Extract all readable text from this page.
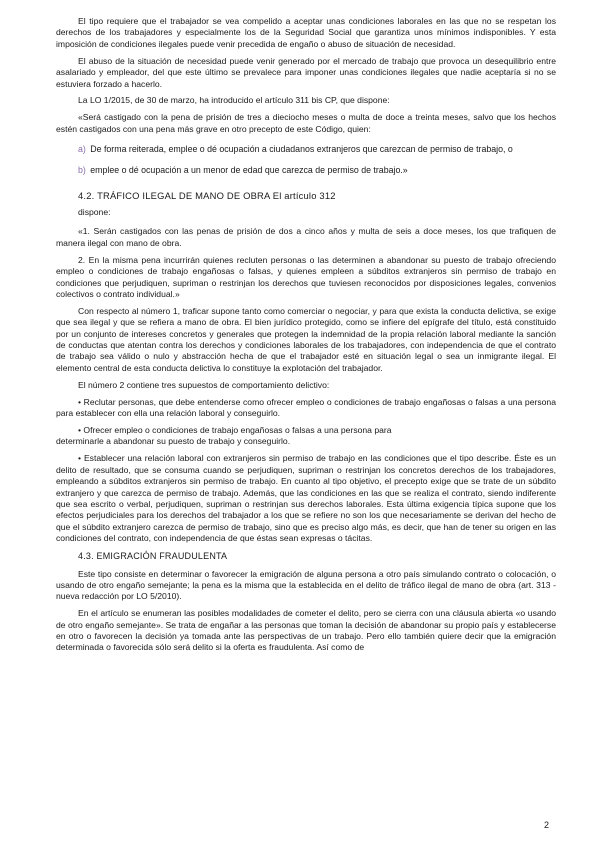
El tipo requiere que el trabajador se vea compelido a aceptar unas condiciones laborales en las que no se respetan los derechos de los trabajadores y especialmente los de la Seguridad Social que garantiza unos mínimos indisponibles. Y esta imposición de condiciones ilegales puede venir precedida de engaño o abuso de situación de necesidad.

El abuso de la situación de necesidad puede venir generado por el mercado de trabajo que provoca un desequilibrio entre asalariado y empleador, del que este último se prevalece para imponer unas condiciones ilegales que nadie aceptaría si no se estuviera forzado a hacerlo.

La LO 1/2015, de 30 de marzo, ha introducido el artículo 311 bis CP, que dispone:

«Será castigado con la pena de prisión de tres a dieciocho meses o multa de doce a treinta meses, salvo que los hechos estén castigados con una pena más grave en otro precepto de este Código, quien:

a) De forma reiterada, emplee o dé ocupación a ciudadanos extranjeros que carezcan de permiso de trabajo, o

b) emplee o dé ocupación a un menor de edad que carezca de permiso de trabajo.»

4.2. TRÁFICO ILEGAL DE MANO DE OBRA El artículo 312

dispone:

«1. Serán castigados con las penas de prisión de dos a cinco años y multa de seis a doce meses, los que trafiquen de manera ilegal con mano de obra.

2. En la misma pena incurrirán quienes recluten personas o las determinen a abandonar su puesto de trabajo ofreciendo empleo o condiciones de trabajo engañosas o falsas, y quienes empleen a súbditos extranjeros sin permiso de trabajo en condiciones que perjudiquen, supriman o restrinjan los derechos que tuviesen reconocidos por disposiciones legales, convenios colectivos o contrato individual.»

Con respecto al número 1, traficar supone tanto como comerciar o negociar, y para que exista la conducta delictiva, se exige que sea ilegal y que se refiera a mano de obra. El bien jurídico protegido, como se infiere del epígrafe del título, está constituido por un conjunto de intereses concretos y generales que protegen la indemnidad de la propia relación laboral mediante la sanción de conductas que atentan contra los derechos y condiciones laborales de los trabajadores, con independencia de que el contrato de trabajo sea válido o nulo y abstracción hecha de que el trabajador esté en situación legal o sea un inmigrante ilegal. El elemento central de esta conducta delictiva lo constituye la explotación del trabajador.

El número 2 contiene tres supuestos de comportamiento delictivo:

• Reclutar personas, que debe entenderse como ofrecer empleo o condiciones de trabajo engañosas o falsas a una persona para establecer con ella una relación laboral y conseguirlo.

• Ofrecer empleo o condiciones de trabajo engañosas o falsas a una persona para
determinarle a abandonar su puesto de trabajo y conseguirlo.

• Establecer una relación laboral con extranjeros sin permiso de trabajo en las condiciones que el tipo describe. Éste es un delito de resultado, que se consuma cuando se perjudiquen, supriman o restrinjan los concretos derechos de los trabajadores, empleando a súbditos extranjeros sin permiso de trabajo. En cuanto al tipo objetivo, el precepto exige que se trate de un súbdito extranjero y que carezca de permiso de trabajo. Además, que las condiciones en las que se realiza el contrato, siendo indiferente que sea escrito o verbal, perjudiquen, supriman o restrinjan sus derechos laborales. Esta última exigencia típica supone que los efectos perjudiciales para los derechos del trabajador a los que se refiere no son los que necesariamente se derivan del hecho de que el súbdito extranjero carezca de permiso de trabajo, sino que es preciso algo más, es decir, que han de tener su origen en las condiciones del contrato, con independencia de que éstas sean expresas o tácitas.

4.3. EMIGRACIÓN FRAUDULENTA

Este tipo consiste en determinar o favorecer la emigración de alguna persona a otro país simulando contrato o colocación, o usando de otro engaño semejante; la pena es la misma que la establecida en el delito de tráfico ilegal de mano de obra (art. 313 - nueva redacción por LO 5/2010).

En el artículo se enumeran las posibles modalidades de cometer el delito, pero se cierra con una cláusula abierta «o usando de otro engaño semejante». Se trata de engañar a las personas que toman la decisión de abandonar su propio país y establecerse en otro o favorecen la decisión ya tomada ante las perspectivas de un trabajo. Pero ello también quiere decir que la emigración determinada o favorecida sólo será delito si la oferta es fraudulenta. Así como de

2
